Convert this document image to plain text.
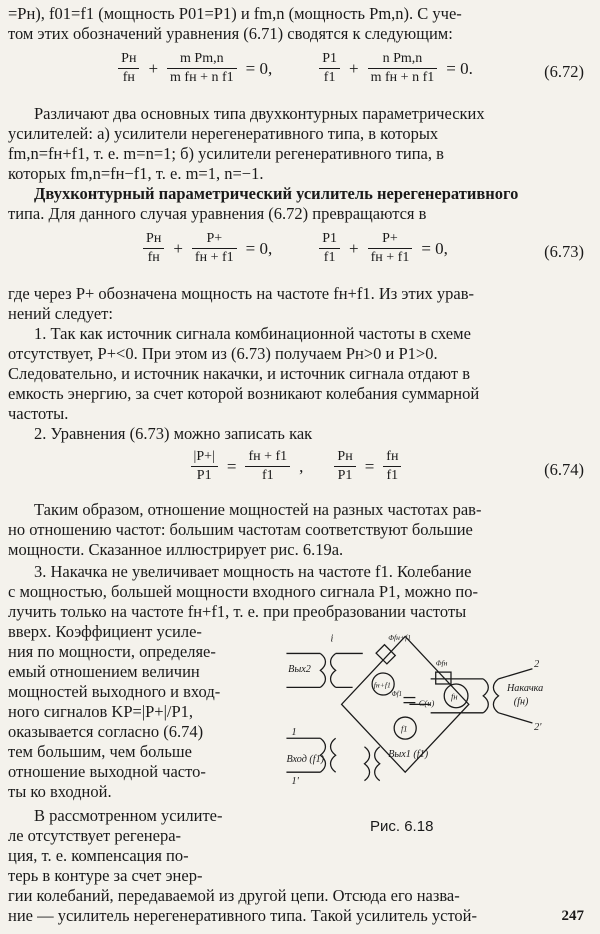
=Pн), f01=f1 (мощность P01=P1) и fm,n (мощность Pm,n). С уче-
том этих обозначений уравнения (6.71) сводятся к следующим:
$\frac{Pн}{fн} + \frac{\text{m Pm,n}}{\text{m fн + n f1}} = 0$,	$\frac{P1}{f1} + \frac{\text{n Pm,n}}{\text{m fн + n f1}} = 0$.	(6.72)
Различают два основных типа двухконтурных параметрических
усилителей: а) усилители нерегенеративного типа, в которых
fm,n=fн+f1, т. е. m=n=1; б) усилители регенеративного типа, в
которых fm,n=fн−f1, т. е. m=1, n=−1.
Двухконтурный параметрический усилитель нерегенеративного
типа. Для данного случая уравнения (6.72) превращаются в
$\frac{Pн}{fн} + \frac{P+}{fн + f1} = 0$,	$\frac{P1}{f1} + \frac{P+}{fн + f1} = 0$,	(6.73)
где через P+ обозначена мощность на частоте fн+f1. Из этих урав-
нений следует:
1. Так как источник сигнала комбинационной частоты в схеме
отсутствует, P+<0. При этом из (6.73) получаем Pн>0 и P1>0.
Следовательно, и источник накачки, и источник сигнала отдают в
емкость энергию, за счет которой возникают колебания суммарной
частоты.
2. Уравнения (6.73) можно записать как
$\frac{|P+|}{P1} = \frac{fн + f1}{f1}$ , $\frac{Pн}{P1} = \frac{fн}{f1}$	(6.74)
Таким образом, отношение мощностей на разных частотах рав-
но отношению частот: большим частотам соответствуют большие
мощности. Сказанное иллюстрирует рис. 6.19а.
3. Накачка не увеличивает мощность на частоте f1. Колебание
с мощностью, большей мощности входного сигнала P1, можно по-
лучить только на частоте fн+f1, т. е. при преобразовании частоты
вверх. Коэффициент усиле-
ния по мощности, определяе-
емый отношением величин
мощностей выходного и вход-
ного сигналов KP=|P+|/P1,
оказывается согласно (6.74)
тем большим, чем больше
отношение выходной часто-
ты ко входной.
В рассмотренном усилите-
ле отсутствует регенера-
ция, т. е. компенсация по-
терь в контуре за счет энер-
гии колебаний, передаваемой из другой цепи. Отсюда его назва-
ние — усилитель нерегенеративного типа. Такой усилитель устой-
Вых2
Накачка
(fн)
Вход (f1)	Вых1 (f1)
fн+f1
f1
fн
C(u)
Φfн+f1
Φfн
Φf1
1
1'
2
2'
i
Рис. 6.18
247
